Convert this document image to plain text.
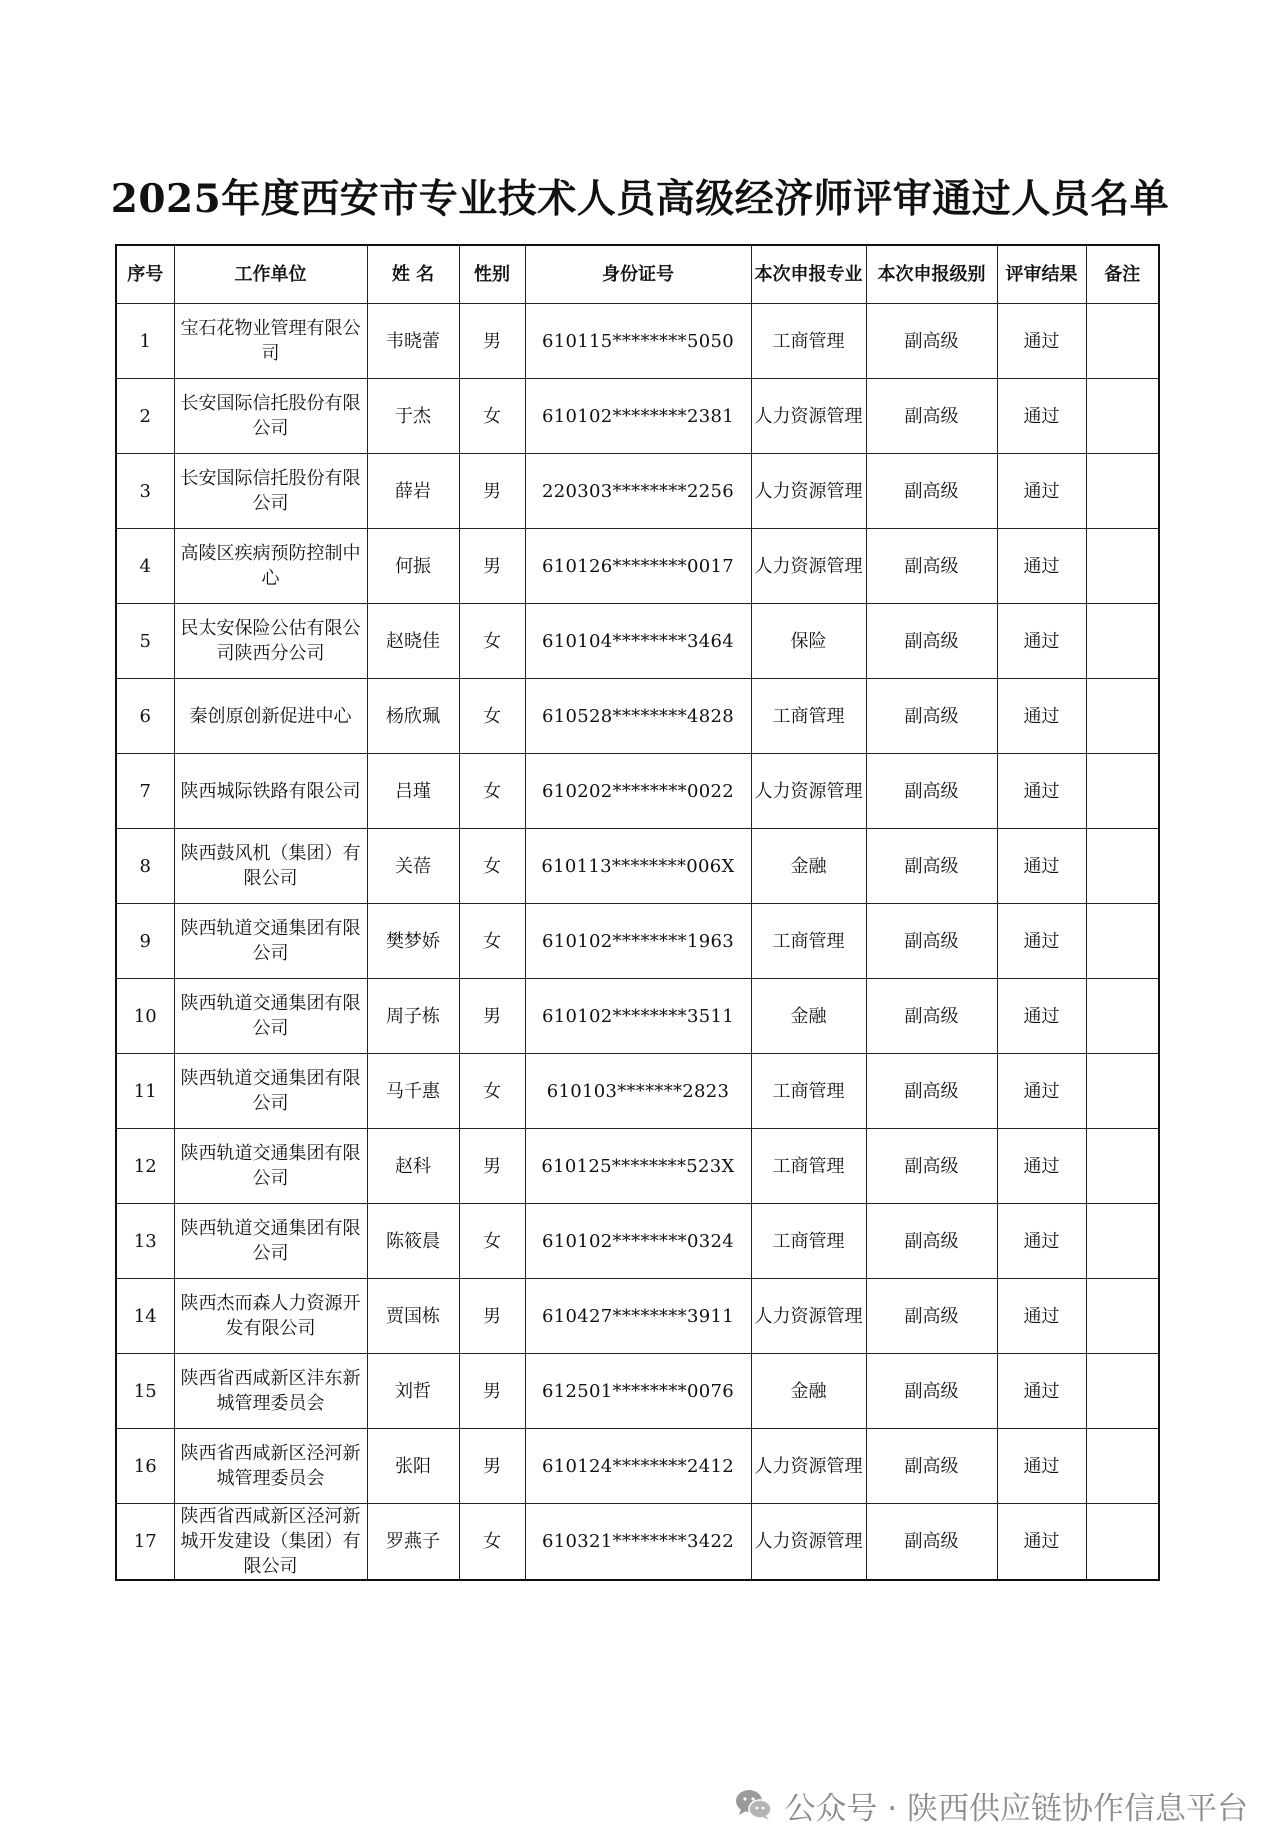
2025年度西安市专业技术人员高级经济师评审通过人员名单
序号	工作单位	姓 名	性别	身份证号	本次申报专业	本次申报级别	评审结果	备注
1	宝石花物业管理有限公司	韦晓蕾	男	610115********5050	工商管理	副高级	通过	
2	长安国际信托股份有限公司	于杰	女	610102********2381	人力资源管理	副高级	通过	
3	长安国际信托股份有限公司	薛岩	男	220303********2256	人力资源管理	副高级	通过	
4	高陵区疾病预防控制中心	何振	男	610126********0017	人力资源管理	副高级	通过	
5	民太安保险公估有限公司陕西分公司	赵晓佳	女	610104********3464	保险	副高级	通过	
6	秦创原创新促进中心	杨欣珮	女	610528********4828	工商管理	副高级	通过	
7	陕西城际铁路有限公司	吕瑾	女	610202********0022	人力资源管理	副高级	通过	
8	陕西鼓风机（集团）有限公司	关蓓	女	610113********006X	金融	副高级	通过	
9	陕西轨道交通集团有限公司	樊梦娇	女	610102********1963	工商管理	副高级	通过	
10	陕西轨道交通集团有限公司	周子栋	男	610102********3511	金融	副高级	通过	
11	陕西轨道交通集团有限公司	马千惠	女	610103*******2823	工商管理	副高级	通过	
12	陕西轨道交通集团有限公司	赵科	男	610125********523X	工商管理	副高级	通过	
13	陕西轨道交通集团有限公司	陈筱晨	女	610102********0324	工商管理	副高级	通过	
14	陕西杰而森人力资源开发有限公司	贾国栋	男	610427********3911	人力资源管理	副高级	通过	
15	陕西省西咸新区沣东新城管理委员会	刘哲	男	612501********0076	金融	副高级	通过	
16	陕西省西咸新区泾河新城管理委员会	张阳	男	610124********2412	人力资源管理	副高级	通过	
17	陕西省西咸新区泾河新城开发建设（集团）有限公司	罗燕子	女	610321********3422	人力资源管理	副高级	通过	
公众号 · 陕西供应链协作信息平台
